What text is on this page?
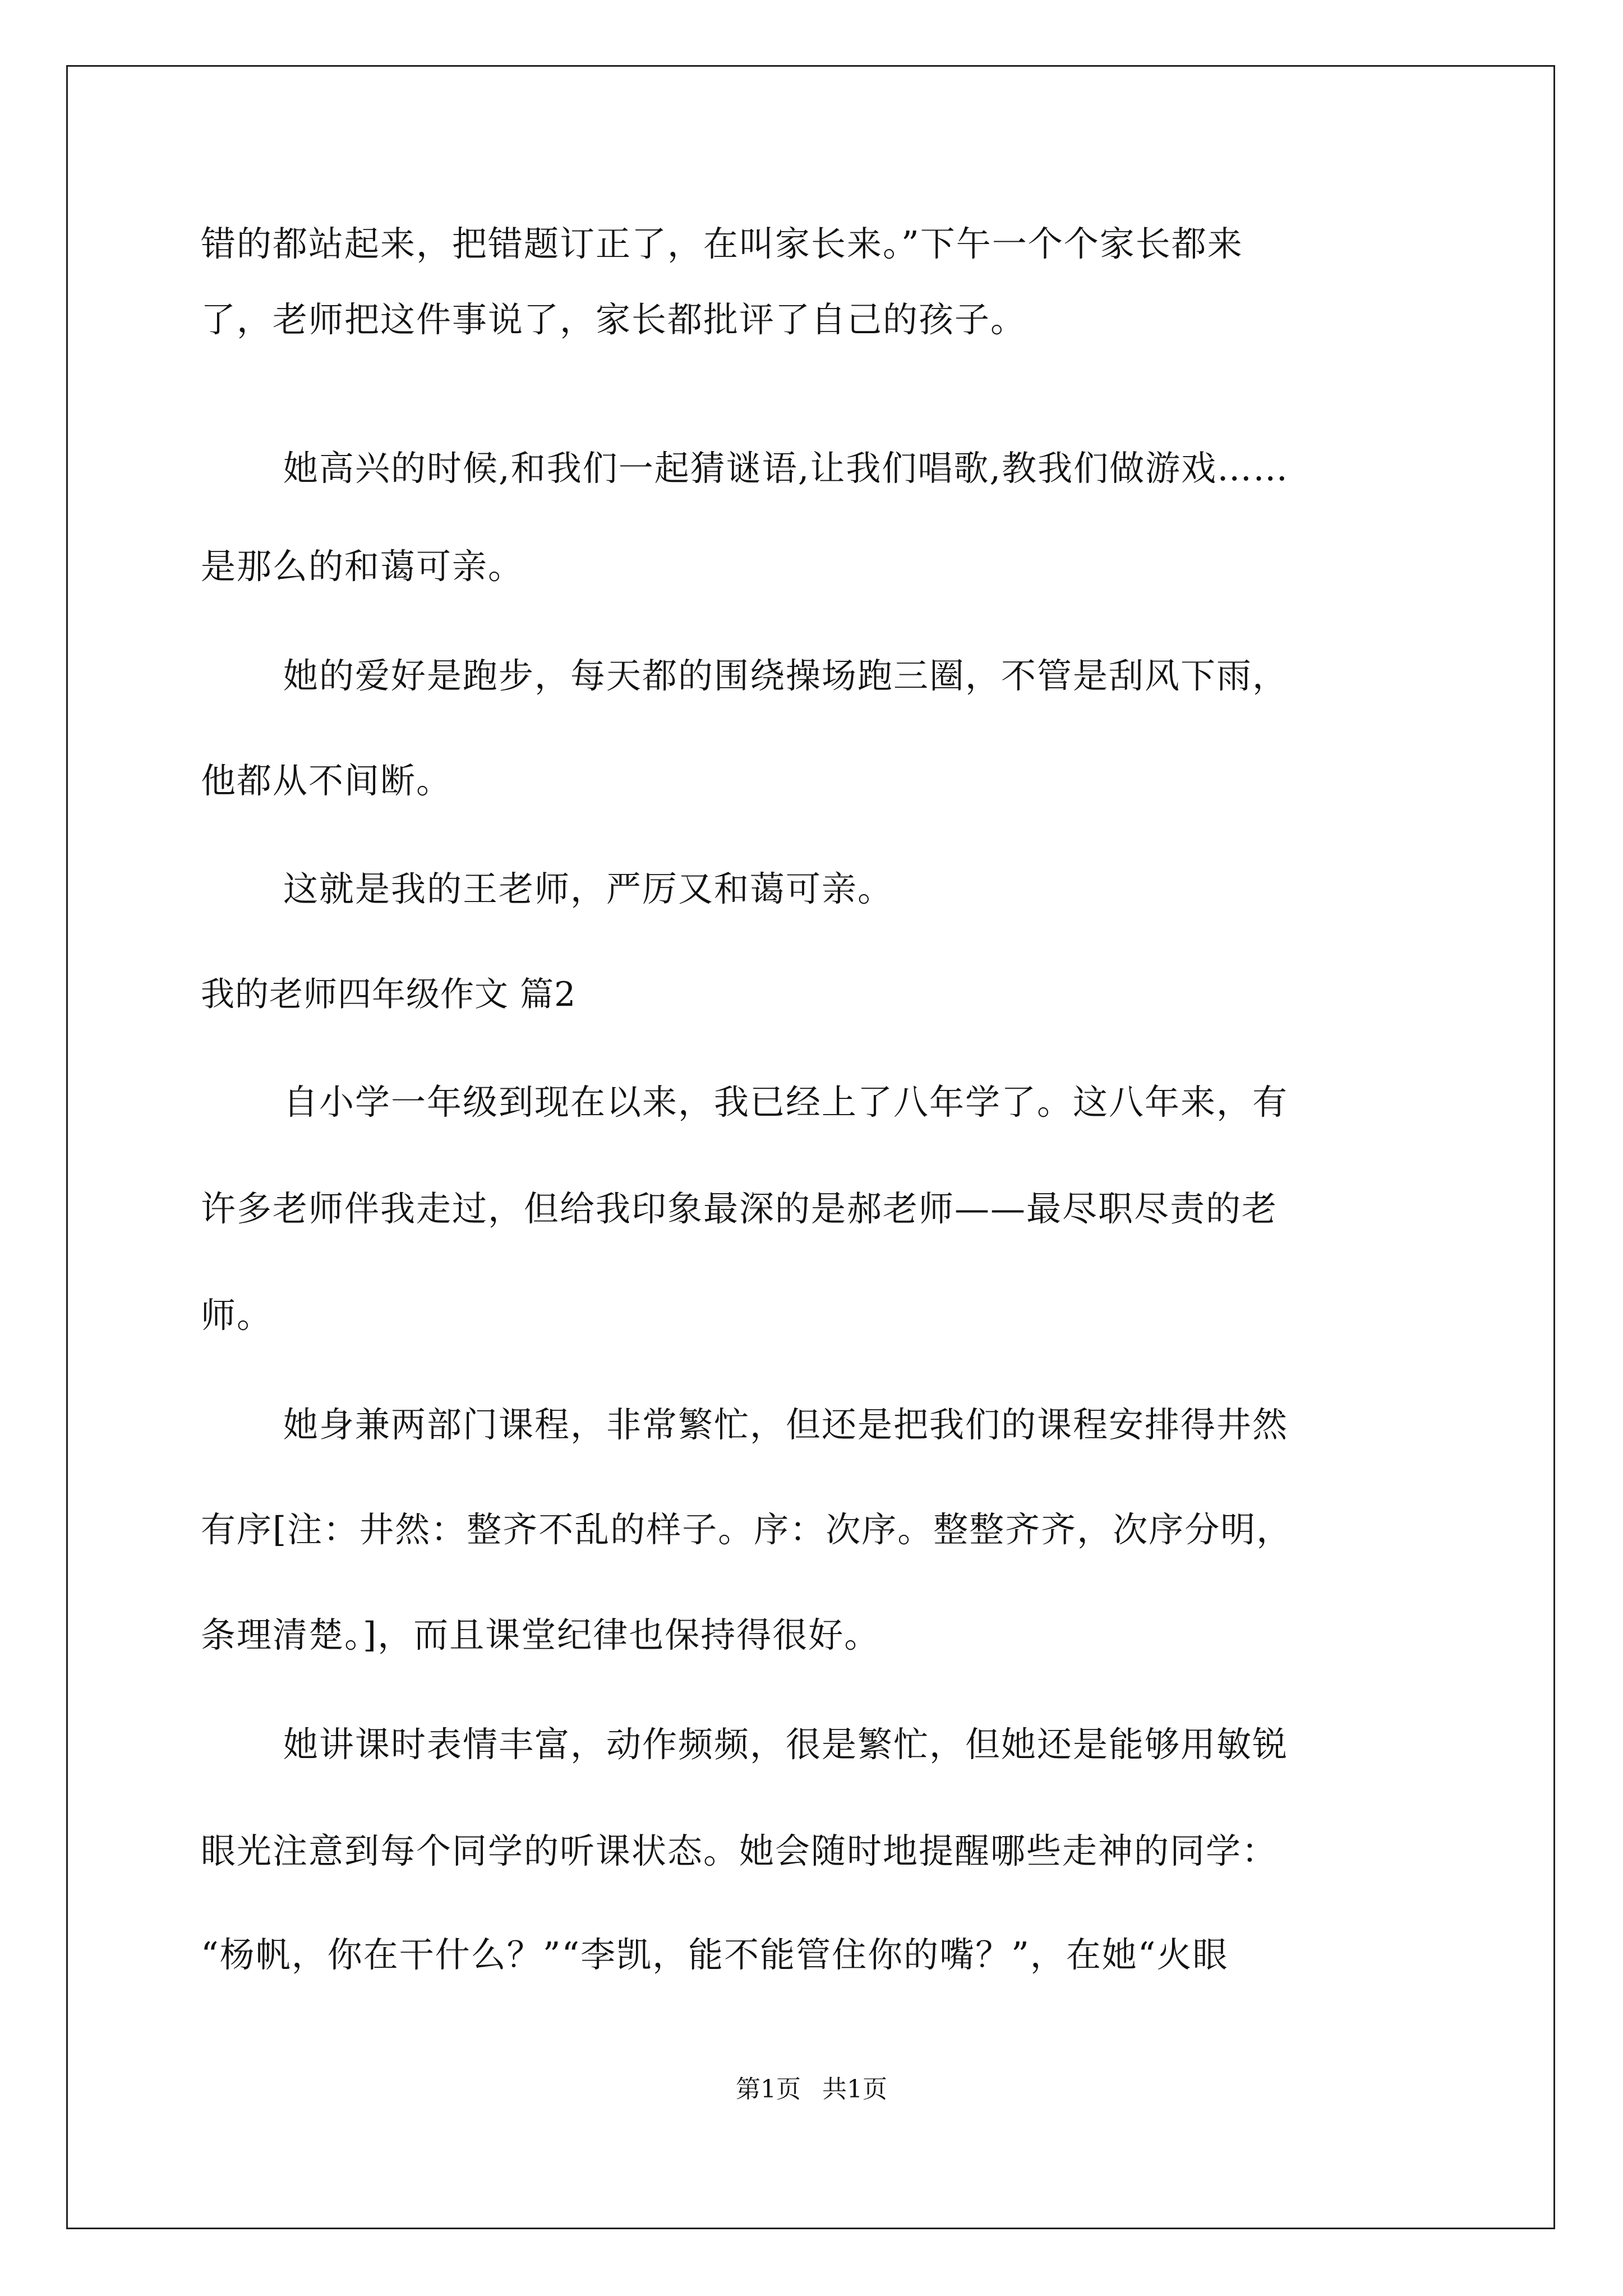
错的都站起来，把错题订正了，在叫家长来。”下午一个个家长都来
了，老师把这件事说了，家长都批评了自己的孩子。
她高兴的时候,和我们一起猜谜语,让我们唱歌,教我们做游戏……
是那么的和蔼可亲。
她的爱好是跑步，每天都的围绕操场跑三圈，不管是刮风下雨，
他都从不间断。
这就是我的王老师，严厉又和蔼可亲。
我的老师四年级作文 篇2
自小学一年级到现在以来，我已经上了八年学了。这八年来，有
许多老师伴我走过，但给我印象最深的是郝老师——最尽职尽责的老
师。
她身兼两部门课程，非常繁忙，但还是把我们的课程安排得井然
有序[注：井然：整齐不乱的样子。序：次序。整整齐齐，次序分明，
条理清楚。]，而且课堂纪律也保持得很好。
她讲课时表情丰富，动作频频，很是繁忙，但她还是能够用敏锐
眼光注意到每个同学的听课状态。她会随时地提醒哪些走神的同学：
“杨帆，你在干什么？”“李凯，能不能管住你的嘴？”，在她“火眼
第1页 共1页
